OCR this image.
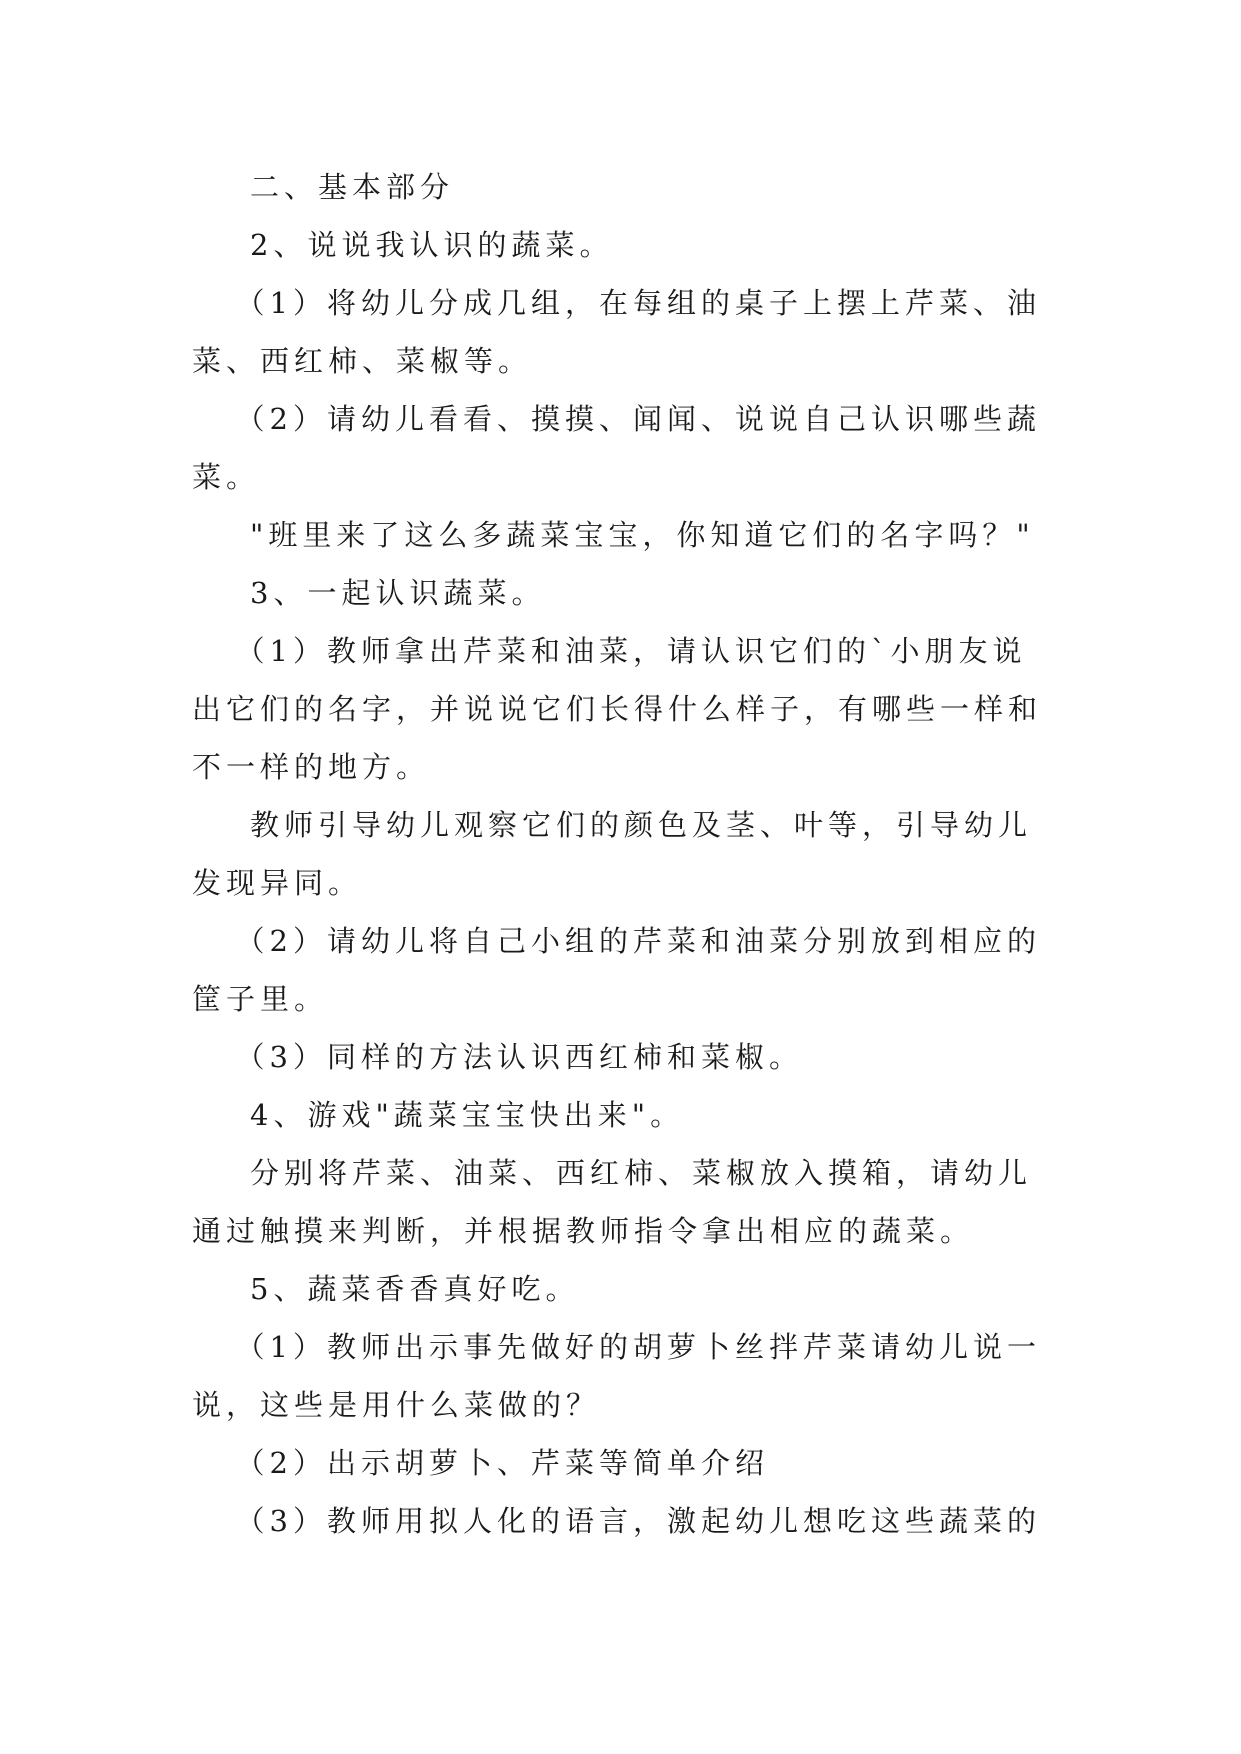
二、基本部分

2、说说我认识的蔬菜。

（1）将幼儿分成几组，在每组的桌子上摆上芹菜、油菜、西红柿、菜椒等。

（2）请幼儿看看、摸摸、闻闻、说说自己认识哪些蔬菜。

"班里来了这么多蔬菜宝宝，你知道它们的名字吗？"

3、一起认识蔬菜。

（1）教师拿出芹菜和油菜，请认识它们的`小朋友说出它们的名字，并说说它们长得什么样子，有哪些一样和不一样的地方。

教师引导幼儿观察它们的颜色及茎、叶等，引导幼儿发现异同。

（2）请幼儿将自己小组的芹菜和油菜分别放到相应的筐子里。

（3）同样的方法认识西红柿和菜椒。

4、游戏"蔬菜宝宝快出来"。

分别将芹菜、油菜、西红柿、菜椒放入摸箱，请幼儿通过触摸来判断，并根据教师指令拿出相应的蔬菜。

5、蔬菜香香真好吃。

（1）教师出示事先做好的胡萝卜丝拌芹菜请幼儿说一说，这些是用什么菜做的？

（2）出示胡萝卜、芹菜等简单介绍

（3）教师用拟人化的语言，激起幼儿想吃这些蔬菜的
